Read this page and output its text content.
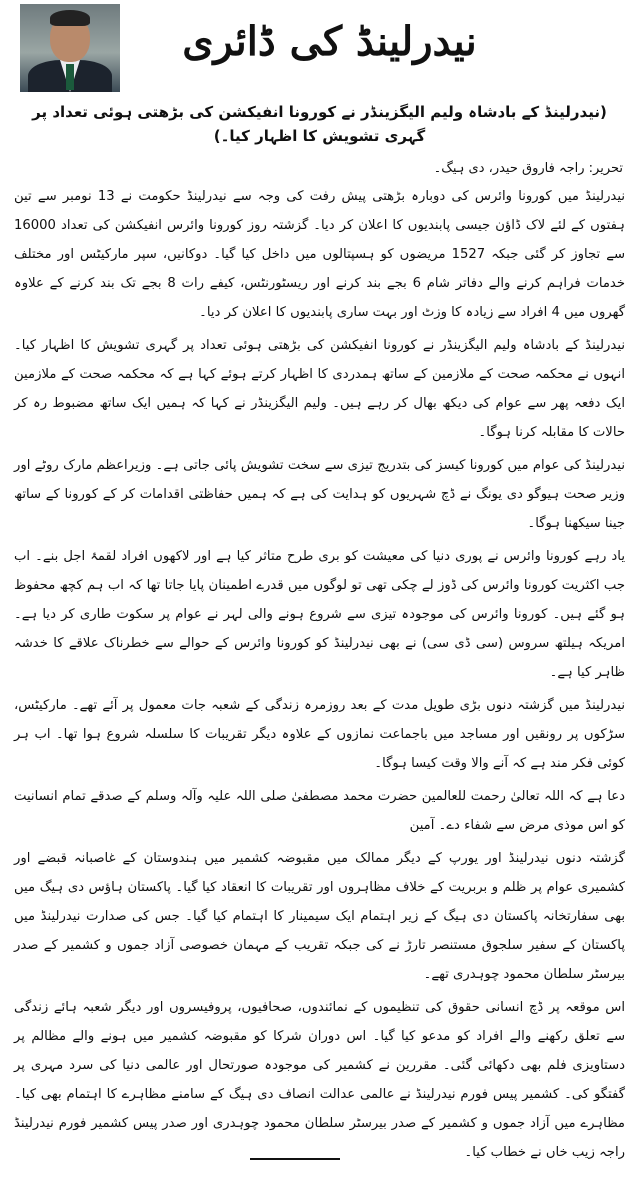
نیدرلینڈ کی ڈائری
(نیدرلینڈ کے بادشاہ ولیم الیگزینڈر نے کورونا انفیکشن کی بڑھتی ہوئی تعداد پر گہری تشویش کا اظہار کیا۔)
تحریر: راجہ فاروق حیدر، دی ہیگ۔

نیدرلینڈ میں کورونا وائرس کی دوبارہ بڑھتی پیش رفت کی وجہ سے نیدرلینڈ حکومت نے 13 نومبر سے تین ہفتوں کے لئے لاک ڈاؤن جیسی پابندیوں کا اعلان کر دیا۔ گزشتہ روز کورونا وائرس انفیکشن کی تعداد 16000 سے تجاوز کر گئی جبکہ 1527 مریضوں کو ہسپتالوں میں داخل کیا گیا۔ دوکانیں، سپر مارکیٹس اور مختلف خدمات فراہم کرنے والے دفاتر شام 6 بجے بند کرنے اور ریسٹورنٹس، کیفے رات 8 بجے تک بند کرنے کے علاوہ گھروں میں 4 افراد سے زیادہ کا وزٹ اور بہت ساری پابندیوں کا اعلان کر دیا۔

نیدرلینڈ کے بادشاہ ولیم الیگزینڈر نے کورونا انفیکشن کی بڑھتی ہوئی تعداد پر گہری تشویش کا اظہار کیا۔ انہوں نے محکمہ صحت کے ملازمین کے ساتھ ہمدردی کا اظہار کرتے ہوئے کہا ہے کہ محکمہ صحت کے ملازمین ایک دفعہ پھر سے عوام کی دیکھ بھال کر رہے ہیں۔ ولیم الیگزینڈر نے کہا کہ ہمیں ایک ساتھ مضبوط رہ کر حالات کا مقابلہ کرنا ہوگا۔

نیدرلینڈ کی عوام میں کورونا کیسز کی بتدریج تیزی سے سخت تشویش پائی جاتی ہے۔ وزیراعظم مارک روٹے اور وزیر صحت ہیوگو دی یونگ نے ڈچ شہریوں کو ہدایت کی ہے کہ ہمیں حفاظتی اقدامات کر کے کورونا کے ساتھ جینا سیکھنا ہوگا۔

یاد رہے کورونا وائرس نے پوری دنیا کی معیشت کو بری طرح متاثر کیا ہے اور لاکھوں افراد لقمۂ اجل بنے۔ اب جب اکثریت کورونا وائرس کی ڈوز لے چکی تھی تو لوگوں میں قدرے اطمینان پایا جاتا تھا کہ اب ہم کچھ محفوظ ہو گئے ہیں۔ کورونا وائرس کی موجودہ تیزی سے شروع ہونے والی لہر نے عوام پر سکوت طاری کر دیا ہے۔ امریکہ ہیلتھ سروس (سی ڈی سی) نے بھی نیدرلینڈ کو کورونا وائرس کے حوالے سے خطرناک علاقے کا خدشہ ظاہر کیا ہے۔

نیدرلینڈ میں گزشتہ دنوں بڑی طویل مدت کے بعد روزمرہ زندگی کے شعبہ جات معمول پر آئے تھے۔ مارکیٹس، سڑکوں پر رونقیں اور مساجد میں باجماعت نمازوں کے علاوہ دیگر تقریبات کا سلسلہ شروع ہوا تھا۔ اب ہر کوئی فکر مند ہے کہ آنے والا وقت کیسا ہوگا۔

دعا ہے کہ اللہ تعالیٰ رحمت للعالمین حضرت محمد مصطفیٰ صلی اللہ علیہ وآلہ وسلم کے صدقے تمام انسانیت کو اس موذی مرض سے شفاء دے۔ آمین

گزشتہ دنوں نیدرلینڈ اور یورپ کے دیگر ممالک میں مقبوضہ کشمیر میں ہندوستان کے غاصبانہ قبضے اور کشمیری عوام پر ظلم و بربریت کے خلاف مظاہروں اور تقریبات کا انعقاد کیا گیا۔ پاکستان ہاؤس دی ہیگ میں بھی سفارتخانہ پاکستان دی ہیگ کے زیر اہتمام ایک سیمینار کا اہتمام کیا گیا۔ جس کی صدارت نیدرلینڈ میں پاکستان کے سفیر سلجوق مستنصر تارڑ نے کی جبکہ تقریب کے مہمان خصوصی آزاد جموں و کشمیر کے صدر بیرسٹر سلطان محمود چوہدری تھے۔

اس موقعہ پر ڈچ انسانی حقوق کی تنظیموں کے نمائندوں، صحافیوں، پروفیسروں اور دیگر شعبہ ہائے زندگی سے تعلق رکھنے والے افراد کو مدعو کیا گیا۔ اس دوران شرکا کو مقبوضہ کشمیر میں ہونے والے مظالم پر دستاویزی فلم بھی دکھائی گئی۔ مقررین نے کشمیر کی موجودہ صورتحال اور عالمی دنیا کی سرد مہری پر گفتگو کی۔ کشمیر پیس فورم نیدرلینڈ نے عالمی عدالت انصاف دی ہیگ کے سامنے مظاہرے کا اہتمام بھی کیا۔ مظاہرے میں آزاد جموں و کشمیر کے صدر بیرسٹر سلطان محمود چوہدری اور صدر پیس کشمیر فورم نیدرلینڈ راجہ زیب خاں نے خطاب کیا۔
